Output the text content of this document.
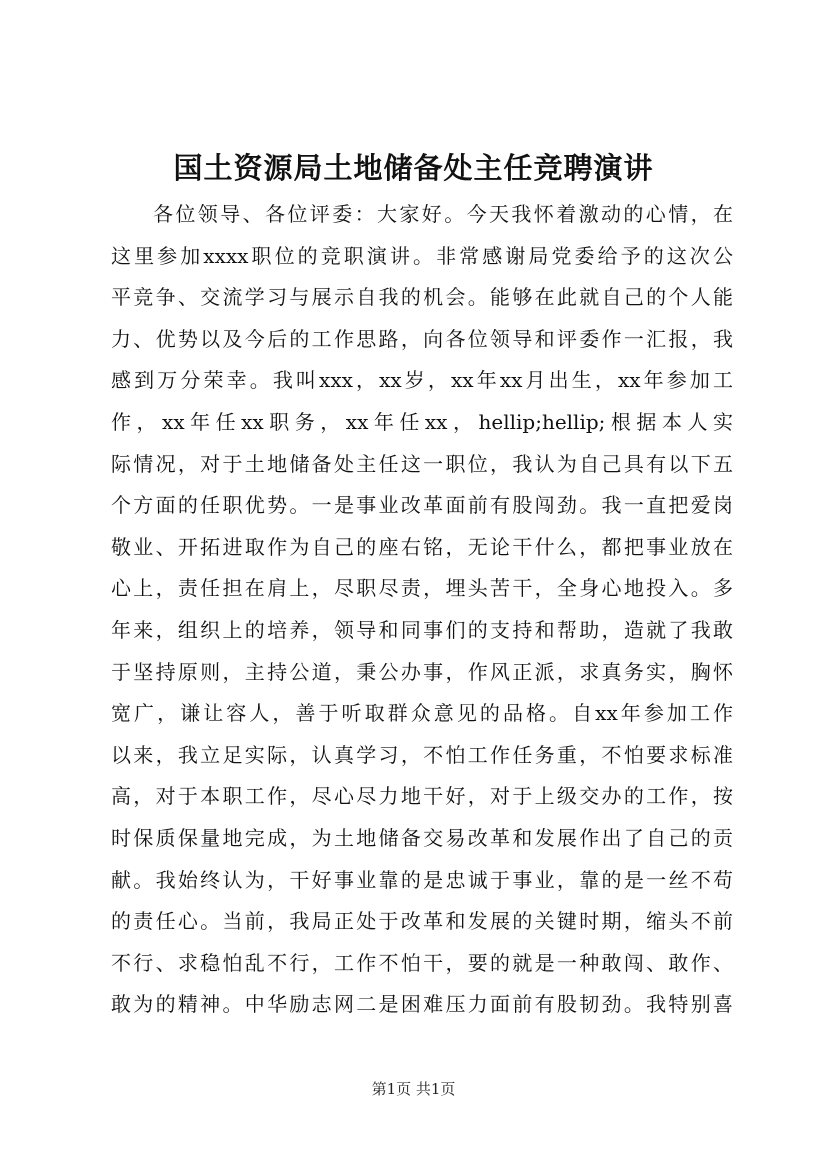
国土资源局土地储备处主任竞聘演讲
各位领导、各位评委：大家好。今天我怀着激动的心情，在
这里参加xxxx职位的竞职演讲。非常感谢局党委给予的这次公
平竞争、交流学习与展示自我的机会。能够在此就自己的个人能
力、优势以及今后的工作思路，向各位领导和评委作一汇报，我
感到万分荣幸。我叫xxx，xx岁，xx年xx月出生，xx年参加工
作，xx年任xx职务，xx年任xx，hellip;hellip;根据本人实
际情况，对于土地储备处主任这一职位，我认为自己具有以下五
个方面的任职优势。一是事业改革面前有股闯劲。我一直把爱岗
敬业、开拓进取作为自己的座右铭，无论干什么，都把事业放在
心上，责任担在肩上，尽职尽责，埋头苦干，全身心地投入。多
年来，组织上的培养，领导和同事们的支持和帮助，造就了我敢
于坚持原则，主持公道，秉公办事，作风正派，求真务实，胸怀
宽广，谦让容人，善于听取群众意见的品格。自xx年参加工作
以来，我立足实际，认真学习，不怕工作任务重，不怕要求标准
高，对于本职工作，尽心尽力地干好，对于上级交办的工作，按
时保质保量地完成，为土地储备交易改革和发展作出了自己的贡
献。我始终认为，干好事业靠的是忠诚于事业，靠的是一丝不苟
的责任心。当前，我局正处于改革和发展的关键时期，缩头不前
不行、求稳怕乱不行，工作不怕干，要的就是一种敢闯、敢作、
敢为的精神。中华励志网二是困难压力面前有股韧劲。我特别喜
第1页 共1页
